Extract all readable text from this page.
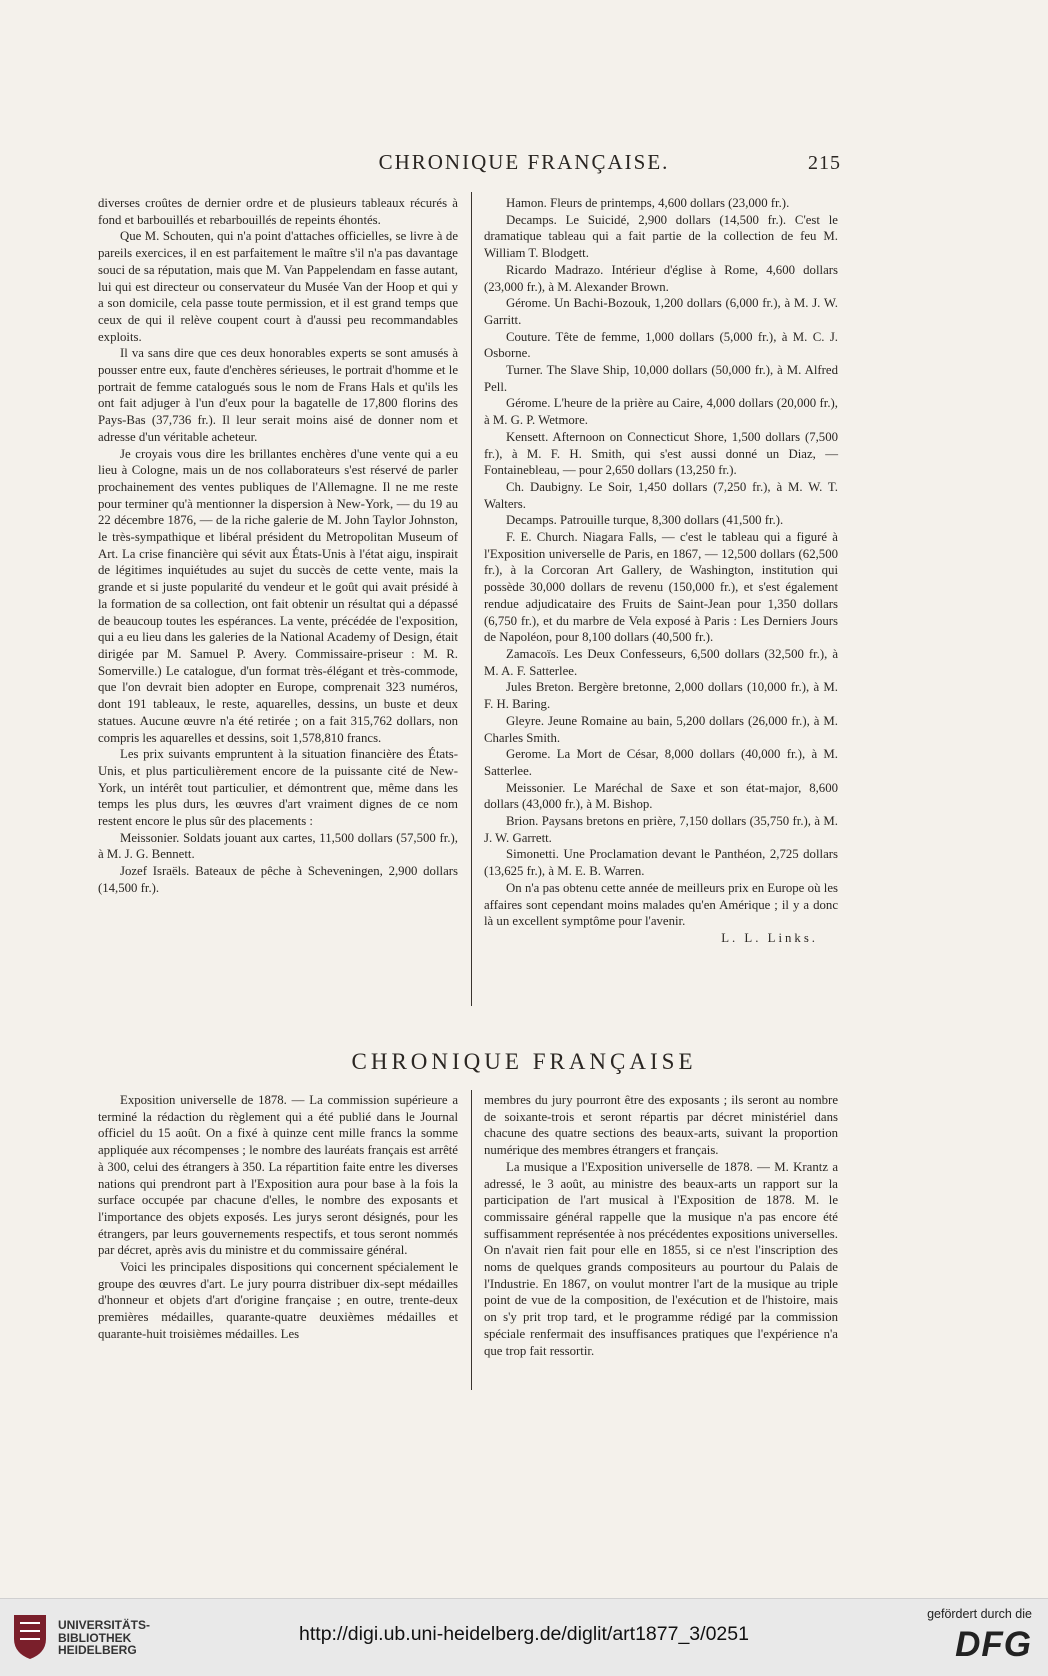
CHRONIQUE FRANÇAISE.	215

diverses croûtes de dernier ordre et de plusieurs tableaux récurés à fond et barbouillés et rebarbouillés de repeints éhontés.

Que M. Schouten, qui n'a point d'attaches officielles, se livre à de pareils exercices, il en est parfaitement le maître s'il n'a pas davantage souci de sa réputation, mais que M. Van Pappelendam en fasse autant, lui qui est directeur ou conservateur du Musée Van der Hoop et qui y a son domicile, cela passe toute permission, et il est grand temps que ceux de qui il relève coupent court à d'aussi peu recommandables exploits.

Il va sans dire que ces deux honorables experts se sont amusés à pousser entre eux, faute d'enchères sérieuses, le portrait d'homme et le portrait de femme catalogués sous le nom de Frans Hals et qu'ils les ont fait adjuger à l'un d'eux pour la bagatelle de 17,800 florins des Pays-Bas (37,736 fr.). Il leur serait moins aisé de donner nom et adresse d'un véritable acheteur.

Je croyais vous dire les brillantes enchères d'une vente qui a eu lieu à Cologne, mais un de nos collaborateurs s'est réservé de parler prochainement des ventes publiques de l'Allemagne. Il ne me reste pour terminer qu'à mentionner la dispersion à New-York, — du 19 au 22 décembre 1876, — de la riche galerie de M. John Taylor Johnston, le très-sympathique et libéral président du Metropolitan Museum of Art. La crise financière qui sévit aux États-Unis à l'état aigu, inspirait de légitimes inquiétudes au sujet du succès de cette vente, mais la grande et si juste popularité du vendeur et le goût qui avait présidé à la formation de sa collection, ont fait obtenir un résultat qui a dépassé de beaucoup toutes les espérances. La vente, précédée de l'exposition, qui a eu lieu dans les galeries de la National Academy of Design, était dirigée par M. Samuel P. Avery. Commissaire-priseur : M. R. Somerville.) Le catalogue, d'un format très-élégant et très-commode, que l'on devrait bien adopter en Europe, comprenait 323 numéros, dont 191 tableaux, le reste, aquarelles, dessins, un buste et deux statues. Aucune œuvre n'a été retirée ; on a fait 315,762 dollars, non compris les aquarelles et dessins, soit 1,578,810 francs.

Les prix suivants empruntent à la situation financière des États-Unis, et plus particulièrement encore de la puissante cité de New-York, un intérêt tout particulier, et démontrent que, même dans les temps les plus durs, les œuvres d'art vraiment dignes de ce nom restent encore le plus sûr des placements :

Meissonier. Soldats jouant aux cartes, 11,500 dollars (57,500 fr.), à M. J. G. Bennett.

Jozef Israëls. Bateaux de pêche à Scheveningen, 2,900 dollars (14,500 fr.).

Hamon. Fleurs de printemps, 4,600 dollars (23,000 fr.).

Decamps. Le Suicidé, 2,900 dollars (14,500 fr.). C'est le dramatique tableau qui a fait partie de la collection de feu M. William T. Blodgett.

Ricardo Madrazo. Intérieur d'église à Rome, 4,600 dollars (23,000 fr.), à M. Alexander Brown.

Gérome. Un Bachi-Bozouk, 1,200 dollars (6,000 fr.), à M. J. W. Garritt.

Couture. Tête de femme, 1,000 dollars (5,000 fr.), à M. C. J. Osborne.

Turner. The Slave Ship, 10,000 dollars (50,000 fr.), à M. Alfred Pell.

Gérome. L'heure de la prière au Caire, 4,000 dollars (20,000 fr.), à M. G. P. Wetmore.

Kensett. Afternoon on Connecticut Shore, 1,500 dollars (7,500 fr.), à M. F. H. Smith, qui s'est aussi donné un Diaz, — Fontainebleau, — pour 2,650 dollars (13,250 fr.).

Ch. Daubigny. Le Soir, 1,450 dollars (7,250 fr.), à M. W. T. Walters.

Decamps. Patrouille turque, 8,300 dollars (41,500 fr.).

F. E. Church. Niagara Falls, — c'est le tableau qui a figuré à l'Exposition universelle de Paris, en 1867, — 12,500 dollars (62,500 fr.), à la Corcoran Art Gallery, de Washington, institution qui possède 30,000 dollars de revenu (150,000 fr.), et s'est également rendue adjudicataire des Fruits de Saint-Jean pour 1,350 dollars (6,750 fr.), et du marbre de Vela exposé à Paris : Les Derniers Jours de Napoléon, pour 8,100 dollars (40,500 fr.).

Zamacoïs. Les Deux Confesseurs, 6,500 dollars (32,500 fr.), à M. A. F. Satterlee.

Jules Breton. Bergère bretonne, 2,000 dollars (10,000 fr.), à M. F. H. Baring.

Gleyre. Jeune Romaine au bain, 5,200 dollars (26,000 fr.), à M. Charles Smith.

Gerome. La Mort de César, 8,000 dollars (40,000 fr.), à M. Satterlee.

Meissonier. Le Maréchal de Saxe et son état-major, 8,600 dollars (43,000 fr.), à M. Bishop.

Brion. Paysans bretons en prière, 7,150 dollars (35,750 fr.), à M. J. W. Garrett.

Simonetti. Une Proclamation devant le Panthéon, 2,725 dollars (13,625 fr.), à M. E. B. Warren.

On n'a pas obtenu cette année de meilleurs prix en Europe où les affaires sont cependant moins malades qu'en Amérique ; il y a donc là un excellent symptôme pour l'avenir.

L. L. Links.

CHRONIQUE FRANÇAISE

Exposition universelle de 1878. — La commission supérieure a terminé la rédaction du règlement qui a été publié dans le Journal officiel du 15 août. On a fixé à quinze cent mille francs la somme appliquée aux récompenses ; le nombre des lauréats français est arrêté à 300, celui des étrangers à 350. La répartition faite entre les diverses nations qui prendront part à l'Exposition aura pour base à la fois la surface occupée par chacune d'elles, le nombre des exposants et l'importance des objets exposés. Les jurys seront désignés, pour les étrangers, par leurs gouvernements respectifs, et tous seront nommés par décret, après avis du ministre et du commissaire général.

Voici les principales dispositions qui concernent spécialement le groupe des œuvres d'art. Le jury pourra distribuer dix-sept médailles d'honneur et objets d'art d'origine française ; en outre, trente-deux premières médailles, quarante-quatre deuxièmes médailles et quarante-huit troisièmes médailles. Les

membres du jury pourront être des exposants ; ils seront au nombre de soixante-trois et seront répartis par décret ministériel dans chacune des quatre sections des beaux-arts, suivant la proportion numérique des membres étrangers et français.

La musique a l'Exposition universelle de 1878. — M. Krantz a adressé, le 3 août, au ministre des beaux-arts un rapport sur la participation de l'art musical à l'Exposition de 1878. M. le commissaire général rappelle que la musique n'a pas encore été suffisamment représentée à nos précédentes expositions universelles. On n'avait rien fait pour elle en 1855, si ce n'est l'inscription des noms de quelques grands compositeurs au pourtour du Palais de l'Industrie. En 1867, on voulut montrer l'art de la musique au triple point de vue de la composition, de l'exécution et de l'histoire, mais on s'y prit trop tard, et le programme rédigé par la commission spéciale renfermait des insuffisances pratiques que l'expérience n'a que trop fait ressortir.

UNIVERSITÄTS-
BIBLIOTHEK
HEIDELBERG
http://digi.ub.uni-heidelberg.de/diglit/art1877_3/0251
gefördert durch die
DFG
